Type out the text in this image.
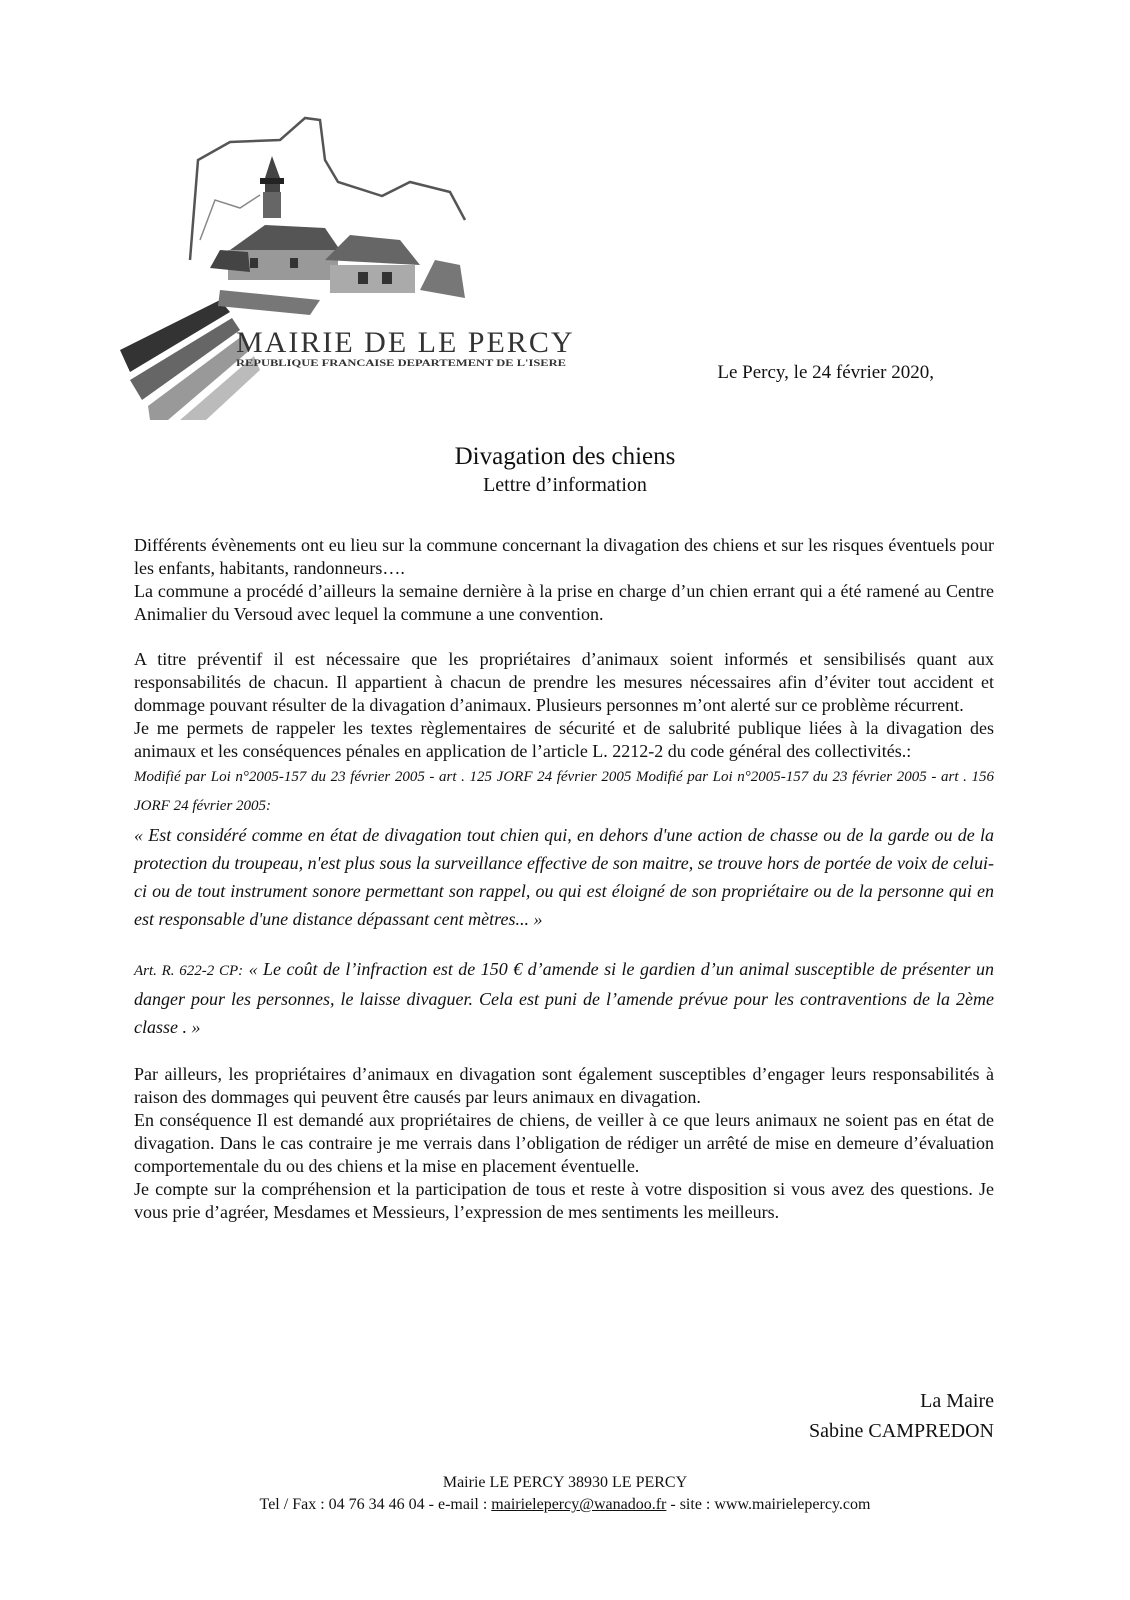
MAIRIE DE LE PERCY
REPUBLIQUE FRANCAISE DEPARTEMENT DE L'ISERE	Le Percy, le 24 février 2020,
Divagation des chiens
Lettre d’information

Différents évènements ont eu lieu sur la commune concernant la divagation des chiens et sur les risques éventuels pour les enfants, habitants, randonneurs….

La commune a procédé d’ailleurs la semaine dernière à la prise en charge d’un chien errant qui a été ramené au Centre Animalier du Versoud avec lequel la commune a une convention.

A titre préventif il est nécessaire que les propriétaires d’animaux soient informés et sensibilisés quant aux responsabilités de chacun. Il appartient à chacun de prendre les mesures nécessaires afin d’éviter tout accident et dommage pouvant résulter de la divagation d’animaux. Plusieurs personnes m’ont alerté sur ce problème récurrent.

Je me permets de rappeler les textes règlementaires de sécurité et de salubrité publique liées à la divagation des animaux et les conséquences pénales en application de l’article L. 2212-2 du code général des collectivités.:

Modifié par Loi n°2005-157 du 23 février 2005 - art . 125 JORF 24 février 2005 Modifié par Loi n°2005-157 du 23 février 2005 - art . 156 JORF 24 février 2005:

« Est considéré comme en état de divagation tout chien qui, en dehors d'une action de chasse ou de la garde ou de la protection du troupeau, n'est plus sous la surveillance effective de son maitre, se trouve hors de portée de voix de celui-ci ou de tout instrument sonore permettant son rappel, ou qui est éloigné de son propriétaire ou de la personne qui en est responsable d'une distance dépassant cent mètres... »

Art. R. 622-2 CP: « Le coût de l’infraction est de 150 € d’amende si le gardien d’un animal susceptible de présenter un danger pour les personnes, le laisse divaguer. Cela est puni de l’amende prévue pour les contraventions de la 2ème classe . »

Par ailleurs, les propriétaires d’animaux en divagation sont également susceptibles d’engager leurs responsabilités à raison des dommages qui peuvent être causés par leurs animaux en divagation.

En conséquence Il est demandé aux propriétaires de chiens, de veiller à ce que leurs animaux ne soient pas en état de divagation. Dans le cas contraire je me verrais dans l’obligation de rédiger un arrêté de mise en demeure d’évaluation comportementale du ou des chiens et la mise en placement éventuelle.

Je compte sur la compréhension et la participation de tous et reste à votre disposition si vous avez des questions. Je vous prie d’agréer, Mesdames et Messieurs, l’expression de mes sentiments les meilleurs.

La Maire
Sabine CAMPREDON
Mairie LE PERCY 38930 LE PERCY
Tel / Fax : 04 76 34 46 04 - e-mail : mairielepercy@wanadoo.fr - site : www.mairielepercy.com
